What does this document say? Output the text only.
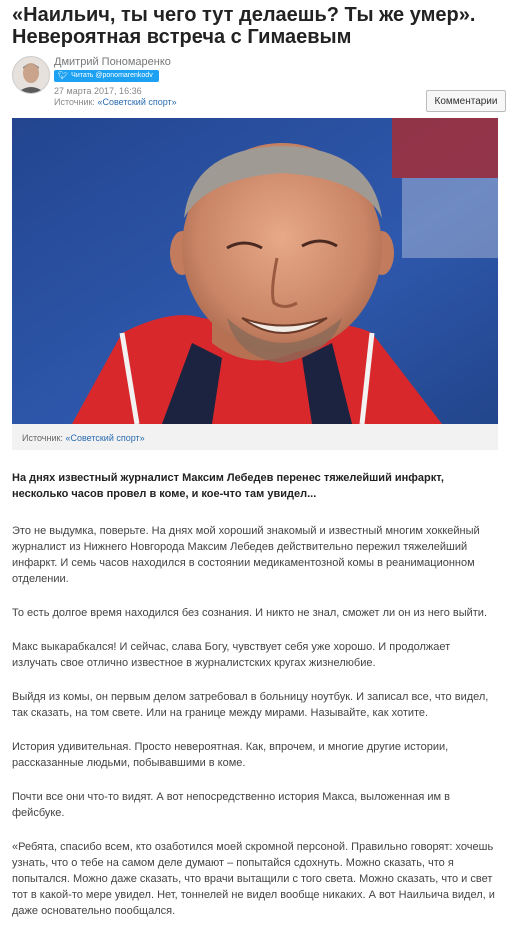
«Наильич, ты чего тут делаешь? Ты же умер». Невероятная встреча с Гимаевым
Дмитрий Пономаренко
🐦︎ Читать @ponomarenkodv
27 марта 2017, 16:36
Источник: «Советский спорт»	Комментарии
Источник: «Советский спорт»

На днях известный журналист Максим Лебедев перенес тяжелейший инфаркт, несколько часов провел в коме, и кое-что там увидел...

Это не выдумка, поверьте. На днях мой хороший знакомый и известный многим хоккейный журналист из Нижнего Новгорода Максим Лебедев действительно пережил тяжелейший инфаркт. И семь часов находился в состоянии медикаментозной комы в реанимационном отделении.

То есть долгое время находился без сознания. И никто не знал, сможет ли он из него выйти.

Макс выкарабкался! И сейчас, слава Богу, чувствует себя уже хорошо. И продолжает излучать свое отлично известное в журналистских кругах жизнелюбие.

Выйдя из комы, он первым делом затребовал в больницу ноутбук. И записал все, что видел, так сказать, на том свете. Или на границе между мирами. Называйте, как хотите.

История удивительная. Просто невероятная. Как, впрочем, и многие другие истории, рассказанные людьми, побывавшими в коме.

Почти все они что-то видят. А вот непосредственно история Макса, выложенная им в фейсбуке.

«Ребята, спасибо всем, кто озаботился моей скромной персоной. Правильно говорят: хочешь узнать, что о тебе на самом деле думают – попытайся сдохнуть. Можно сказать, что я попытался. Можно даже сказать, что врачи вытащили с того света. Можно сказать, что и свет тот в какой-то мере увидел. Нет, тоннелей не видел вообще никаких. А вот Наильича видел, и даже основательно пообщался.
